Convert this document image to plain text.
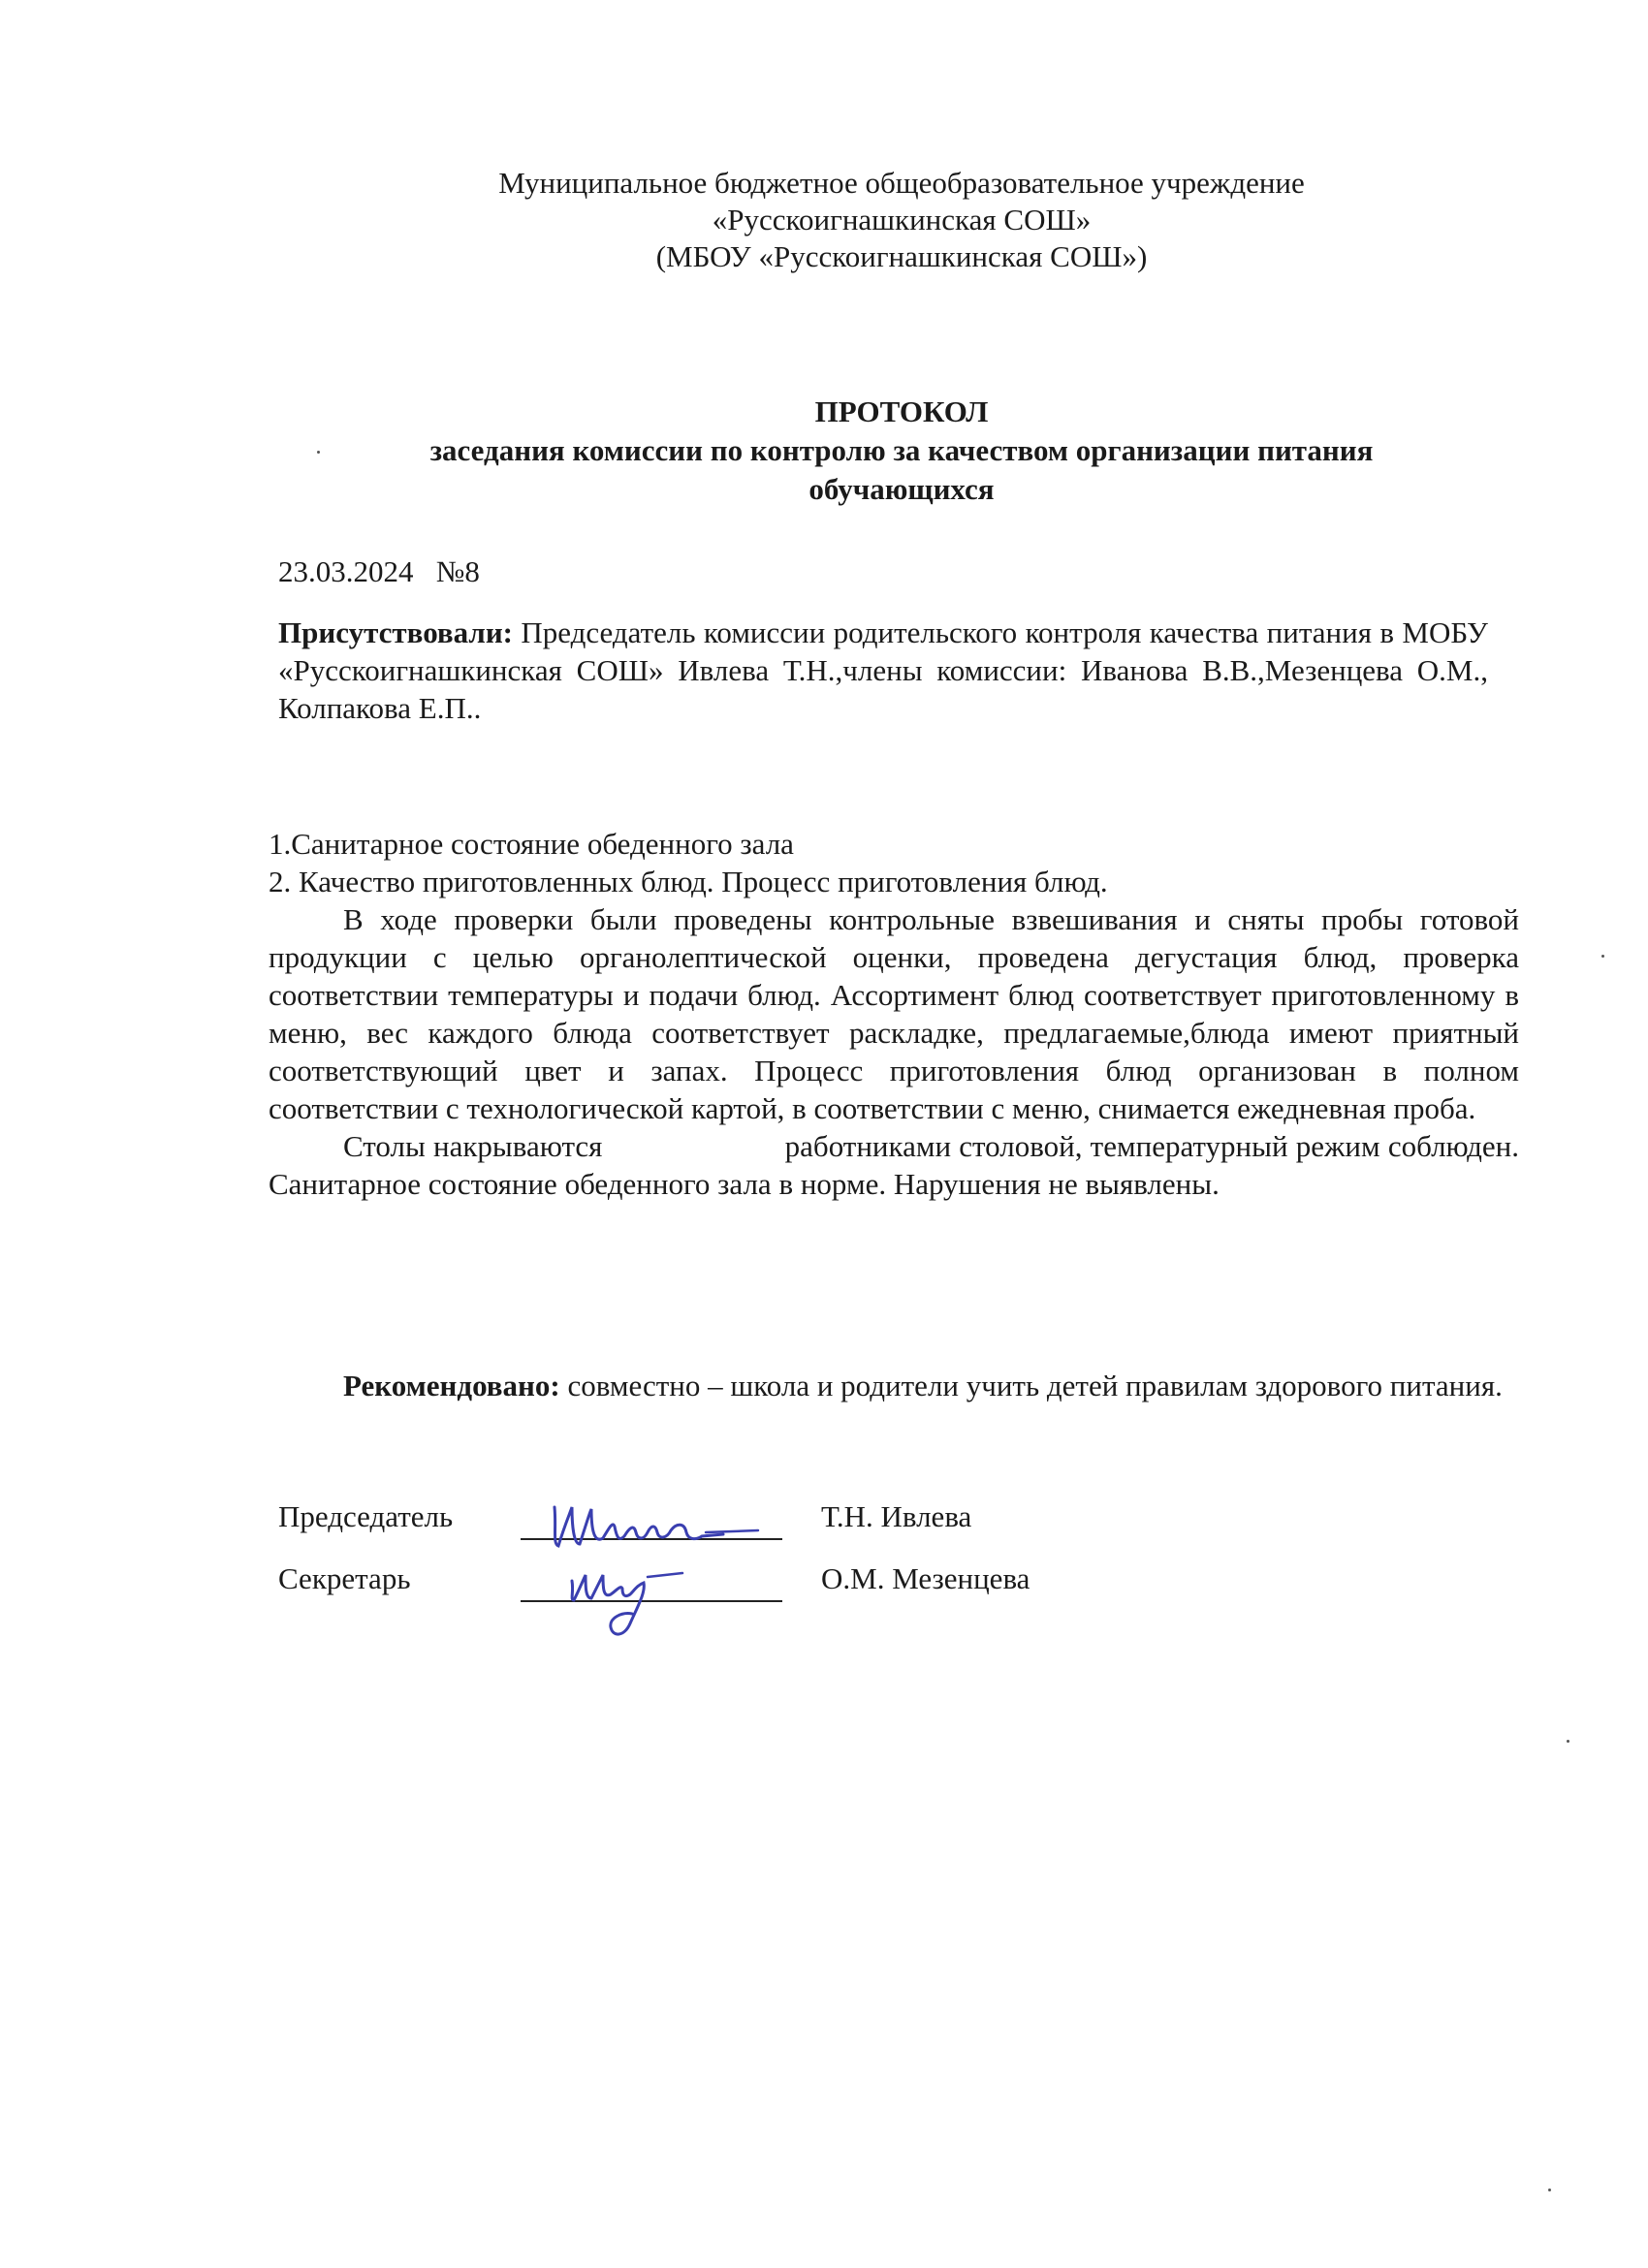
Муниципальное бюджетное общеобразовательное учреждение
«Русскоигнашкинская СОШ»
(МБОУ «Русскоигнашкинская СОШ»)
ПРОТОКОЛ
заседания комиссии по контролю за качеством организации питания
обучающихся
23.03.2024 №8
Присутствовали: Председатель комиссии родительского контроля качества питания в МОБУ «Русскоигнашкинская СОШ» Ивлева Т.Н.,члены комиссии: Иванова В.В.,Мезенцева О.М., Колпакова Е.П..
1.Санитарное состояние обеденного зала
2. Качество приготовленных блюд. Процесс приготовления блюд.

В ходе проверки были проведены контрольные взвешивания и сняты пробы готовой продукции с целью органолептической оценки, проведена дегустация блюд, проверка соответствии температуры и подачи блюд. Ассортимент блюд соответствует приготовленному в меню, вес каждого блюда соответствует раскладке, предлагаемые,блюда имеют приятный соответствующий цвет и запах. Процесс приготовления блюд организован в полном соответствии с технологической картой, в соответствии с меню, снимается ежедневная проба.

Столы накрываются                       работниками столовой, температурный режим соблюден. Санитарное состояние обеденного зала в норме. Нарушения не выявлены.

Рекомендовано: совместно – школа и родители учить детей правилам здорового питания.

Председатель	Т.Н. Ивлева
Секретарь	О.М. Мезенцева
